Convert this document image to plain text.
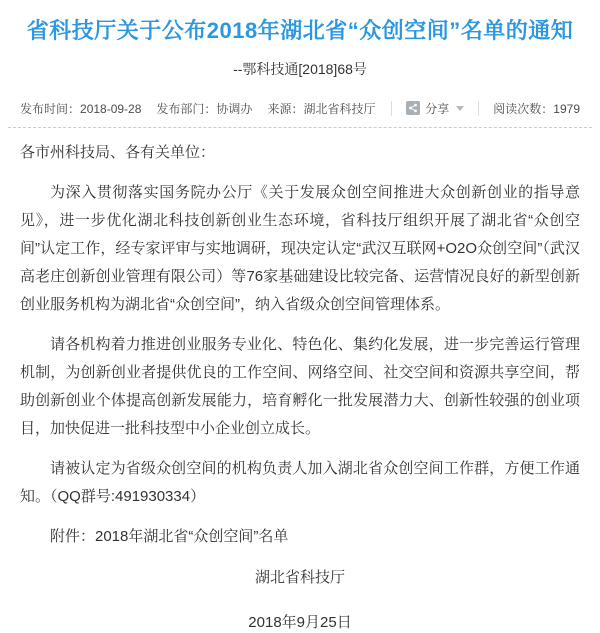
省科技厅关于公布2018年湖北省“众创空间”名单的通知
--鄂科技通[2018]68号
发布时间：2018-09-28 发布部门：协调办 来源：湖北省科技厅	分享	阅读次数：1979

各市州科技局、各有关单位：

为深入贯彻落实国务院办公厅《关于发展众创空间推进大众创新创业的指导意见》，进一步优化湖北科技创新创业生态环境，省科技厅组织开展了湖北省“众创空间”认定工作，经专家评审与实地调研，现决定认定“武汉互联网+O2O众创空间”（武汉高老庄创新创业管理有限公司）等76家基础建设比较完备、运营情况良好的新型创新创业服务机构为湖北省“众创空间”，纳入省级众创空间管理体系。

请各机构着力推进创业服务专业化、特色化、集约化发展，进一步完善运行管理机制，为创新创业者提供优良的工作空间、网络空间、社交空间和资源共享空间，帮助创新创业个体提高创新发展能力，培育孵化一批发展潜力大、创新性较强的创业项目，加快促进一批科技型中小企业创立成长。

请被认定为省级众创空间的机构负责人加入湖北省众创空间工作群，方便工作通知。（QQ群号:491930334）

附件：2018年湖北省“众创空间”名单

湖北省科技厅

2018年9月25日
